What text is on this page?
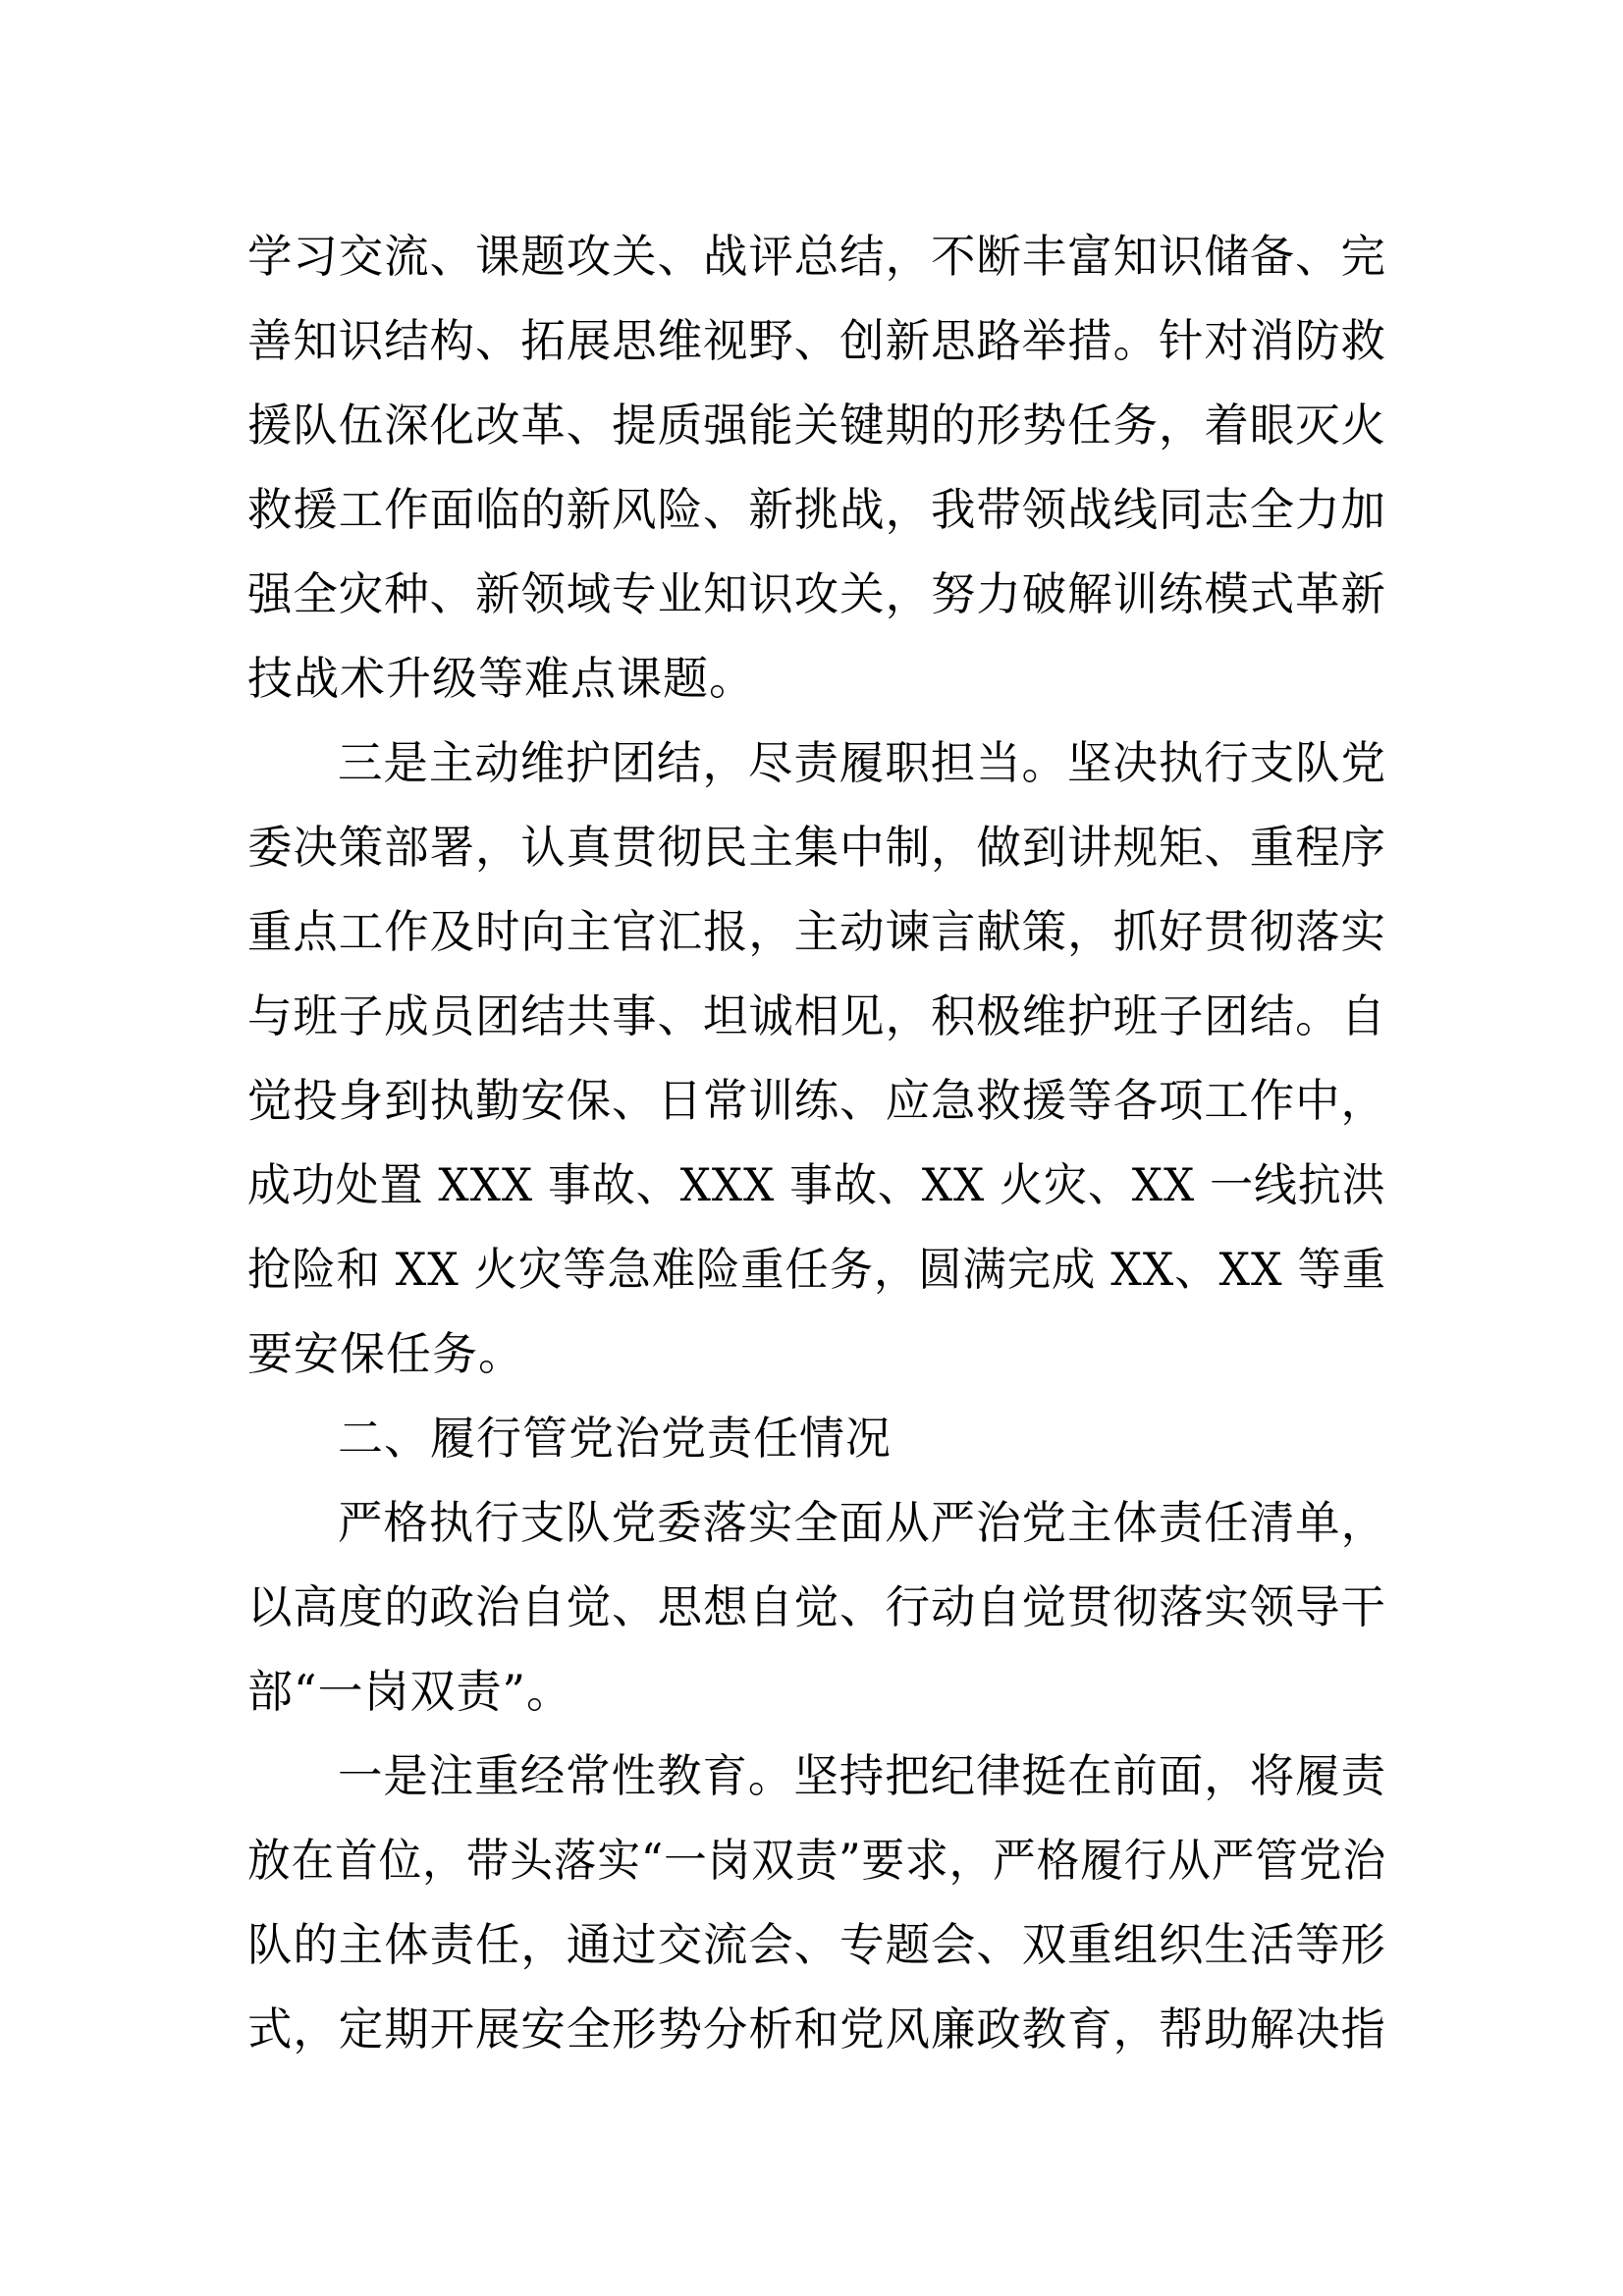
学习交流、课题攻关、战评总结，不断丰富知识储备、完
善知识结构、拓展思维视野、创新思路举措。针对消防救
援队伍深化改革、提质强能关键期的形势任务，着眼灭火
救援工作面临的新风险、新挑战，我带领战线同志全力加
强全灾种、新领域专业知识攻关，努力破解训练模式革新
技战术升级等难点课题。
三是主动维护团结，尽责履职担当。坚决执行支队党
委决策部署，认真贯彻民主集中制，做到讲规矩、重程序
重点工作及时向主官汇报，主动谏言献策，抓好贯彻落实
与班子成员团结共事、坦诚相见，积极维护班子团结。自
觉投身到执勤安保、日常训练、应急救援等各项工作中，
成功处置 XXX 事故、XXX 事故、XX 火灾、XX 一线抗洪
抢险和 XX 火灾等急难险重任务，圆满完成 XX、XX 等重
要安保任务。
二、履行管党治党责任情况
严格执行支队党委落实全面从严治党主体责任清单，
以高度的政治自觉、思想自觉、行动自觉贯彻落实领导干
部“一岗双责”。
一是注重经常性教育。坚持把纪律挺在前面，将履责
放在首位，带头落实“一岗双责”要求，严格履行从严管党治
队的主体责任，通过交流会、专题会、双重组织生活等形
式，定期开展安全形势分析和党风廉政教育，帮助解决指
